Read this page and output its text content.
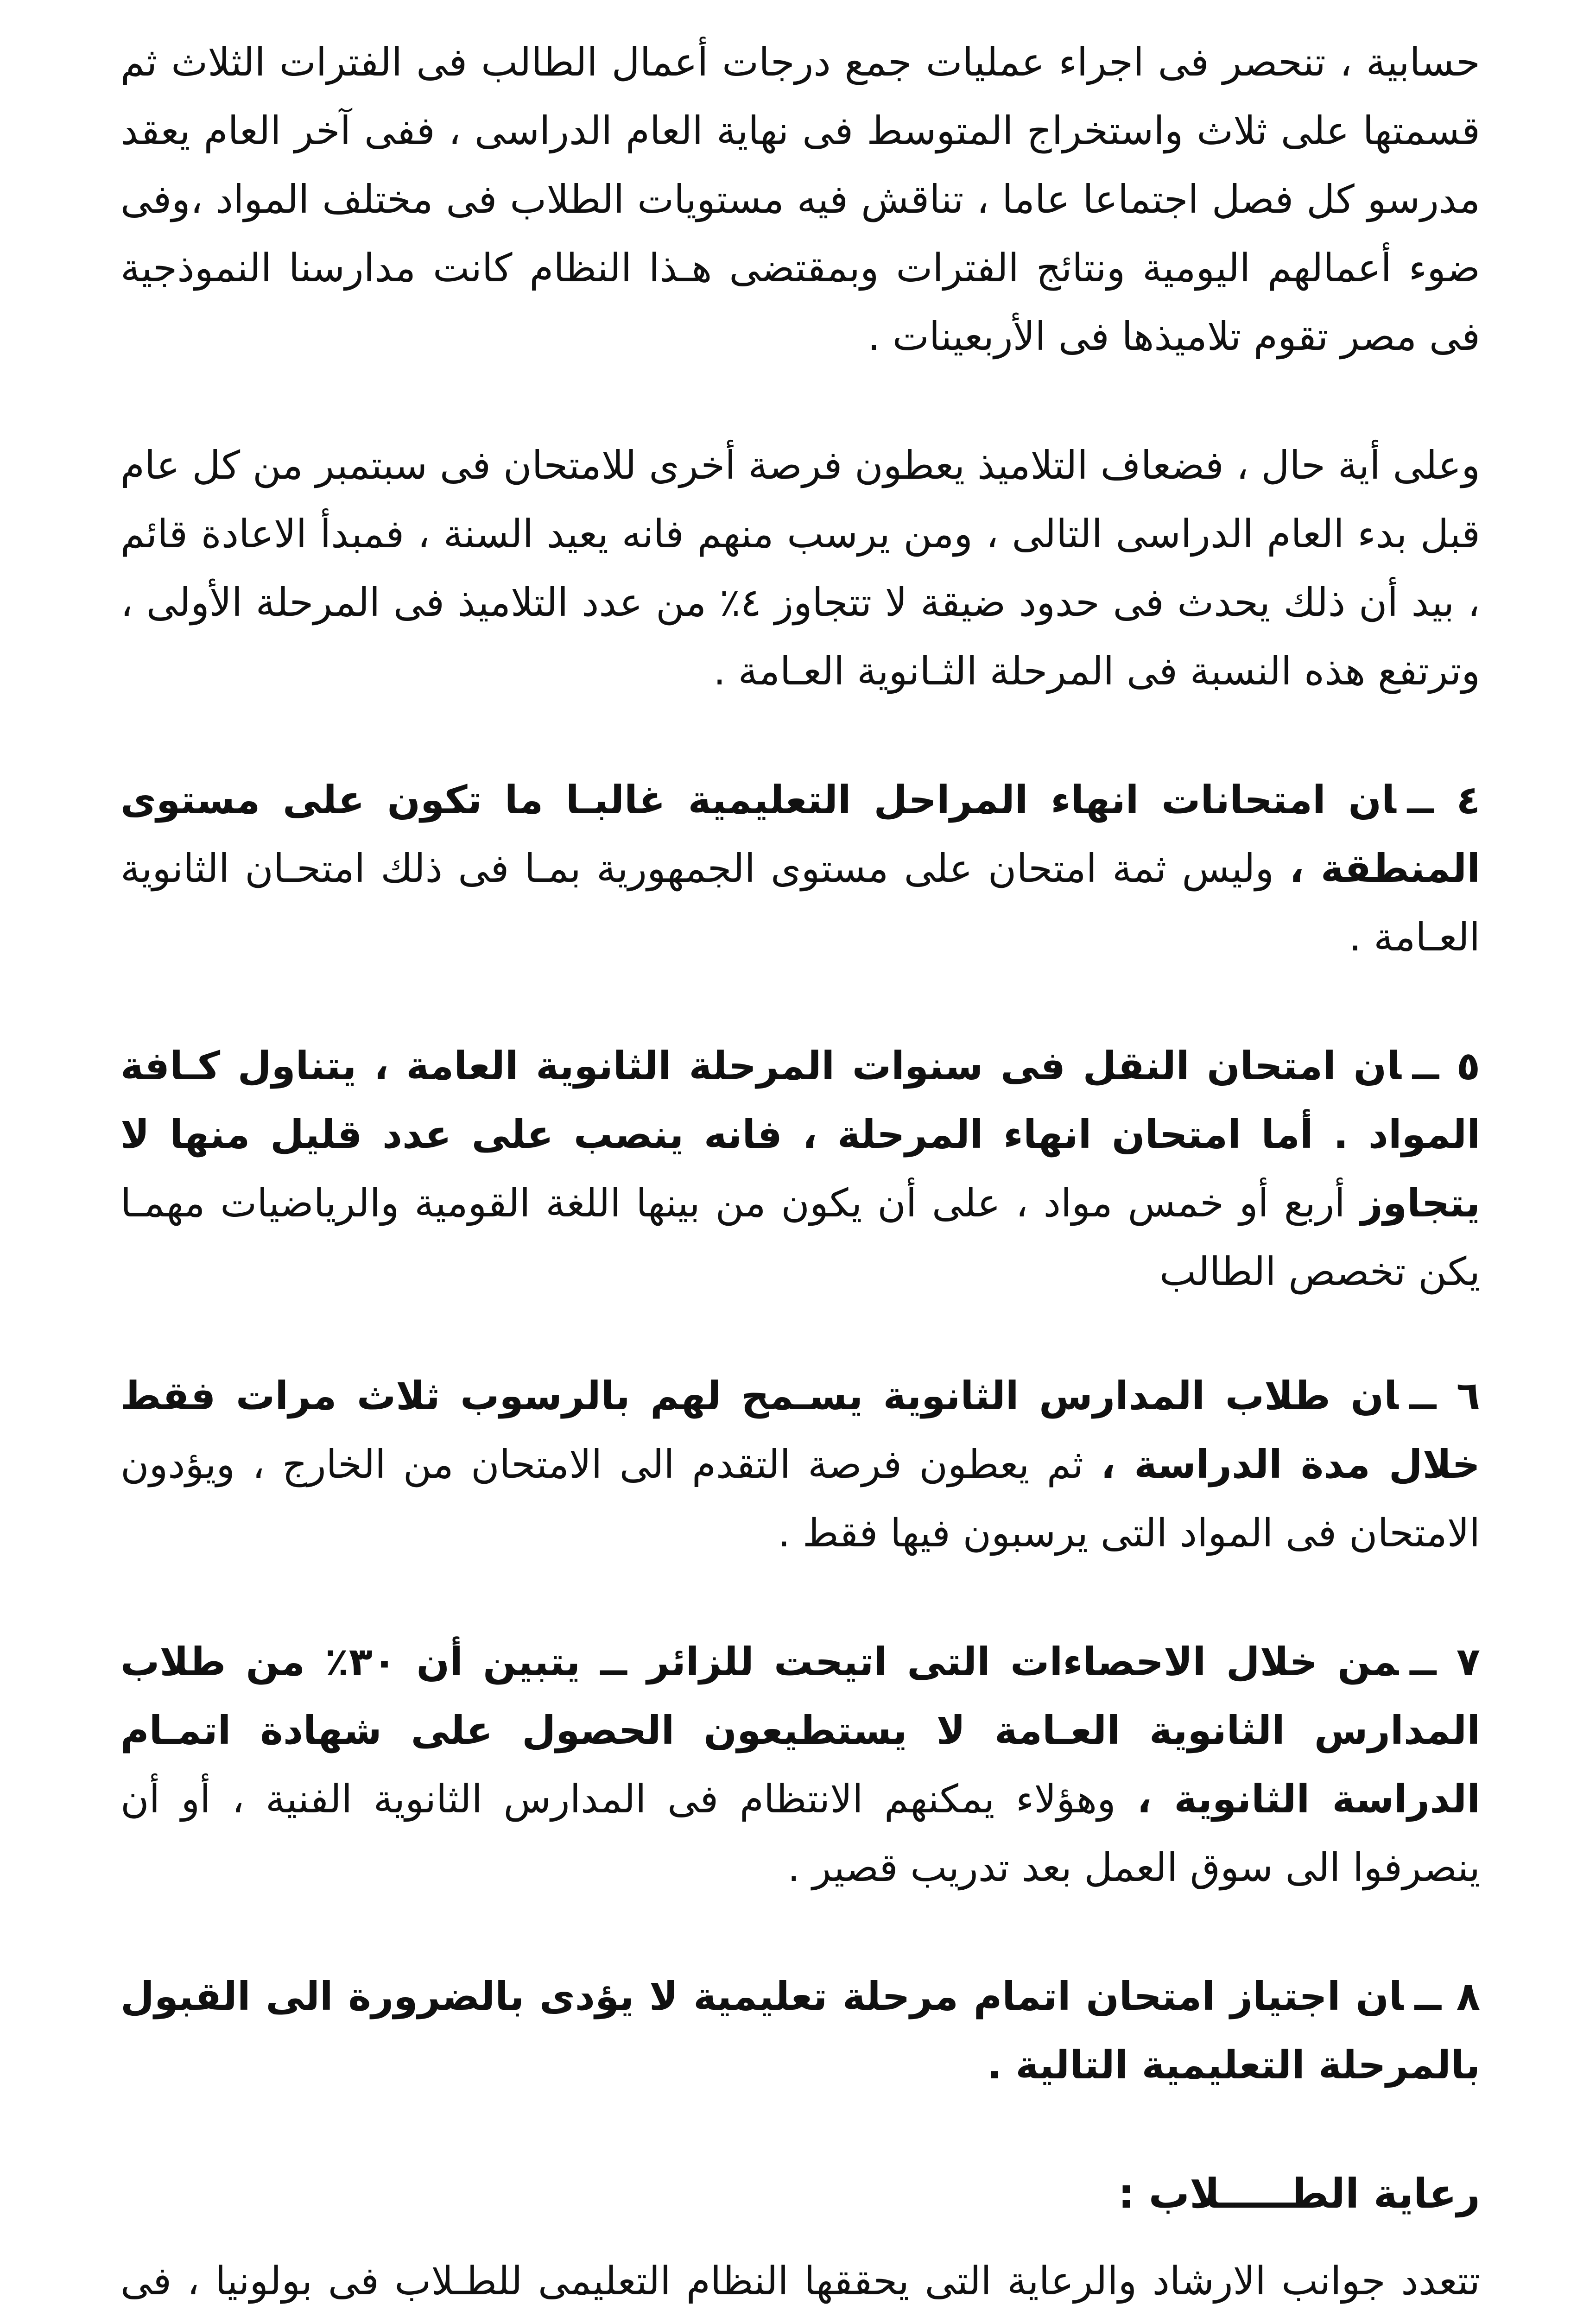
حسابية ، تنحصر فى اجراء عمليات جمع درجات أعمال الطالب فى الفترات الثلاث ثم قسمتها على ثلاث واستخراج المتوسط فى نهاية العام الدراسى ، ففى آخر العام يعقد مدرسو كل فصل اجتماعا عاما ، تناقش فيه مستويات الطلاب فى مختلف المواد ،وفى ضوء أعمالهم اليومية ونتائج الفترات وبمقتضى هـذا النظام كانت مدارسنا النموذجية فى مصر تقوم تلاميذها فى الأربعينات .

وعلى أية حال ، فضعاف التلاميذ يعطون فرصة أخرى للامتحان فى سبتمبر من كل عام قبل بدء العام الدراسى التالى ، ومن يرسب منهم فانه يعيد السنة ، فمبدأ الاعادة قائم ، بيد أن ذلك يحدث فى حدود ضيقة لا تتجاوز ٤٪ من عدد التلاميذ فى المرحلة الأولى ، وترتفع هذه النسبة فى المرحلة الثـانوية العـامة .

٤ ــان امتحانات انهاء المراحل التعليمية غالبـا ما تكون على مستوى المنطقة ، وليس ثمة امتحان على مستوى الجمهورية بمـا فى ذلك امتحـان الثانوية العـامة .
٥ ــان امتحان النقل فى سنوات المرحلة الثانوية العامة ، يتناول كـافة المواد . أما امتحان انهاء المرحلة ، فانه ينصب على عدد قليل منها لا يتجاوز أربع أو خمس مواد ، على أن يكون من بينها اللغة القومية والرياضيات مهمـا يكن تخصص الطالب
٦ ــان طلاب المدارس الثانوية يسـمح لهم بالرسوب ثلاث مرات فقط خلال مدة الدراسة ، ثم يعطون فرصة التقدم الى الامتحان من الخارج ، ويؤدون الامتحان فى المواد التى يرسبون فيها فقط .
٧ ــمن خلال الاحصاءات التى اتيحت للزائر ــ يتبين أن ٣٠٪ من طلاب المدارس الثانوية العـامة لا يستطيعون الحصول على شهادة اتمـام الدراسة الثانوية ، وهؤلاء يمكنهم الانتظام فى المدارس الثانوية الفنية ، أو أن ينصرفوا الى سوق العمل بعد تدريب قصير .
٨ ــان اجتياز امتحان اتمام مرحلة تعليمية لا يؤدى بالضرورة الى القبول بالمرحلة التعليمية التالية .
رعاية الطـــــلاب :

تتعدد جوانب الارشاد والرعاية التى يحققها النظام التعليمى للطـلاب فى بولونيا ، فى
